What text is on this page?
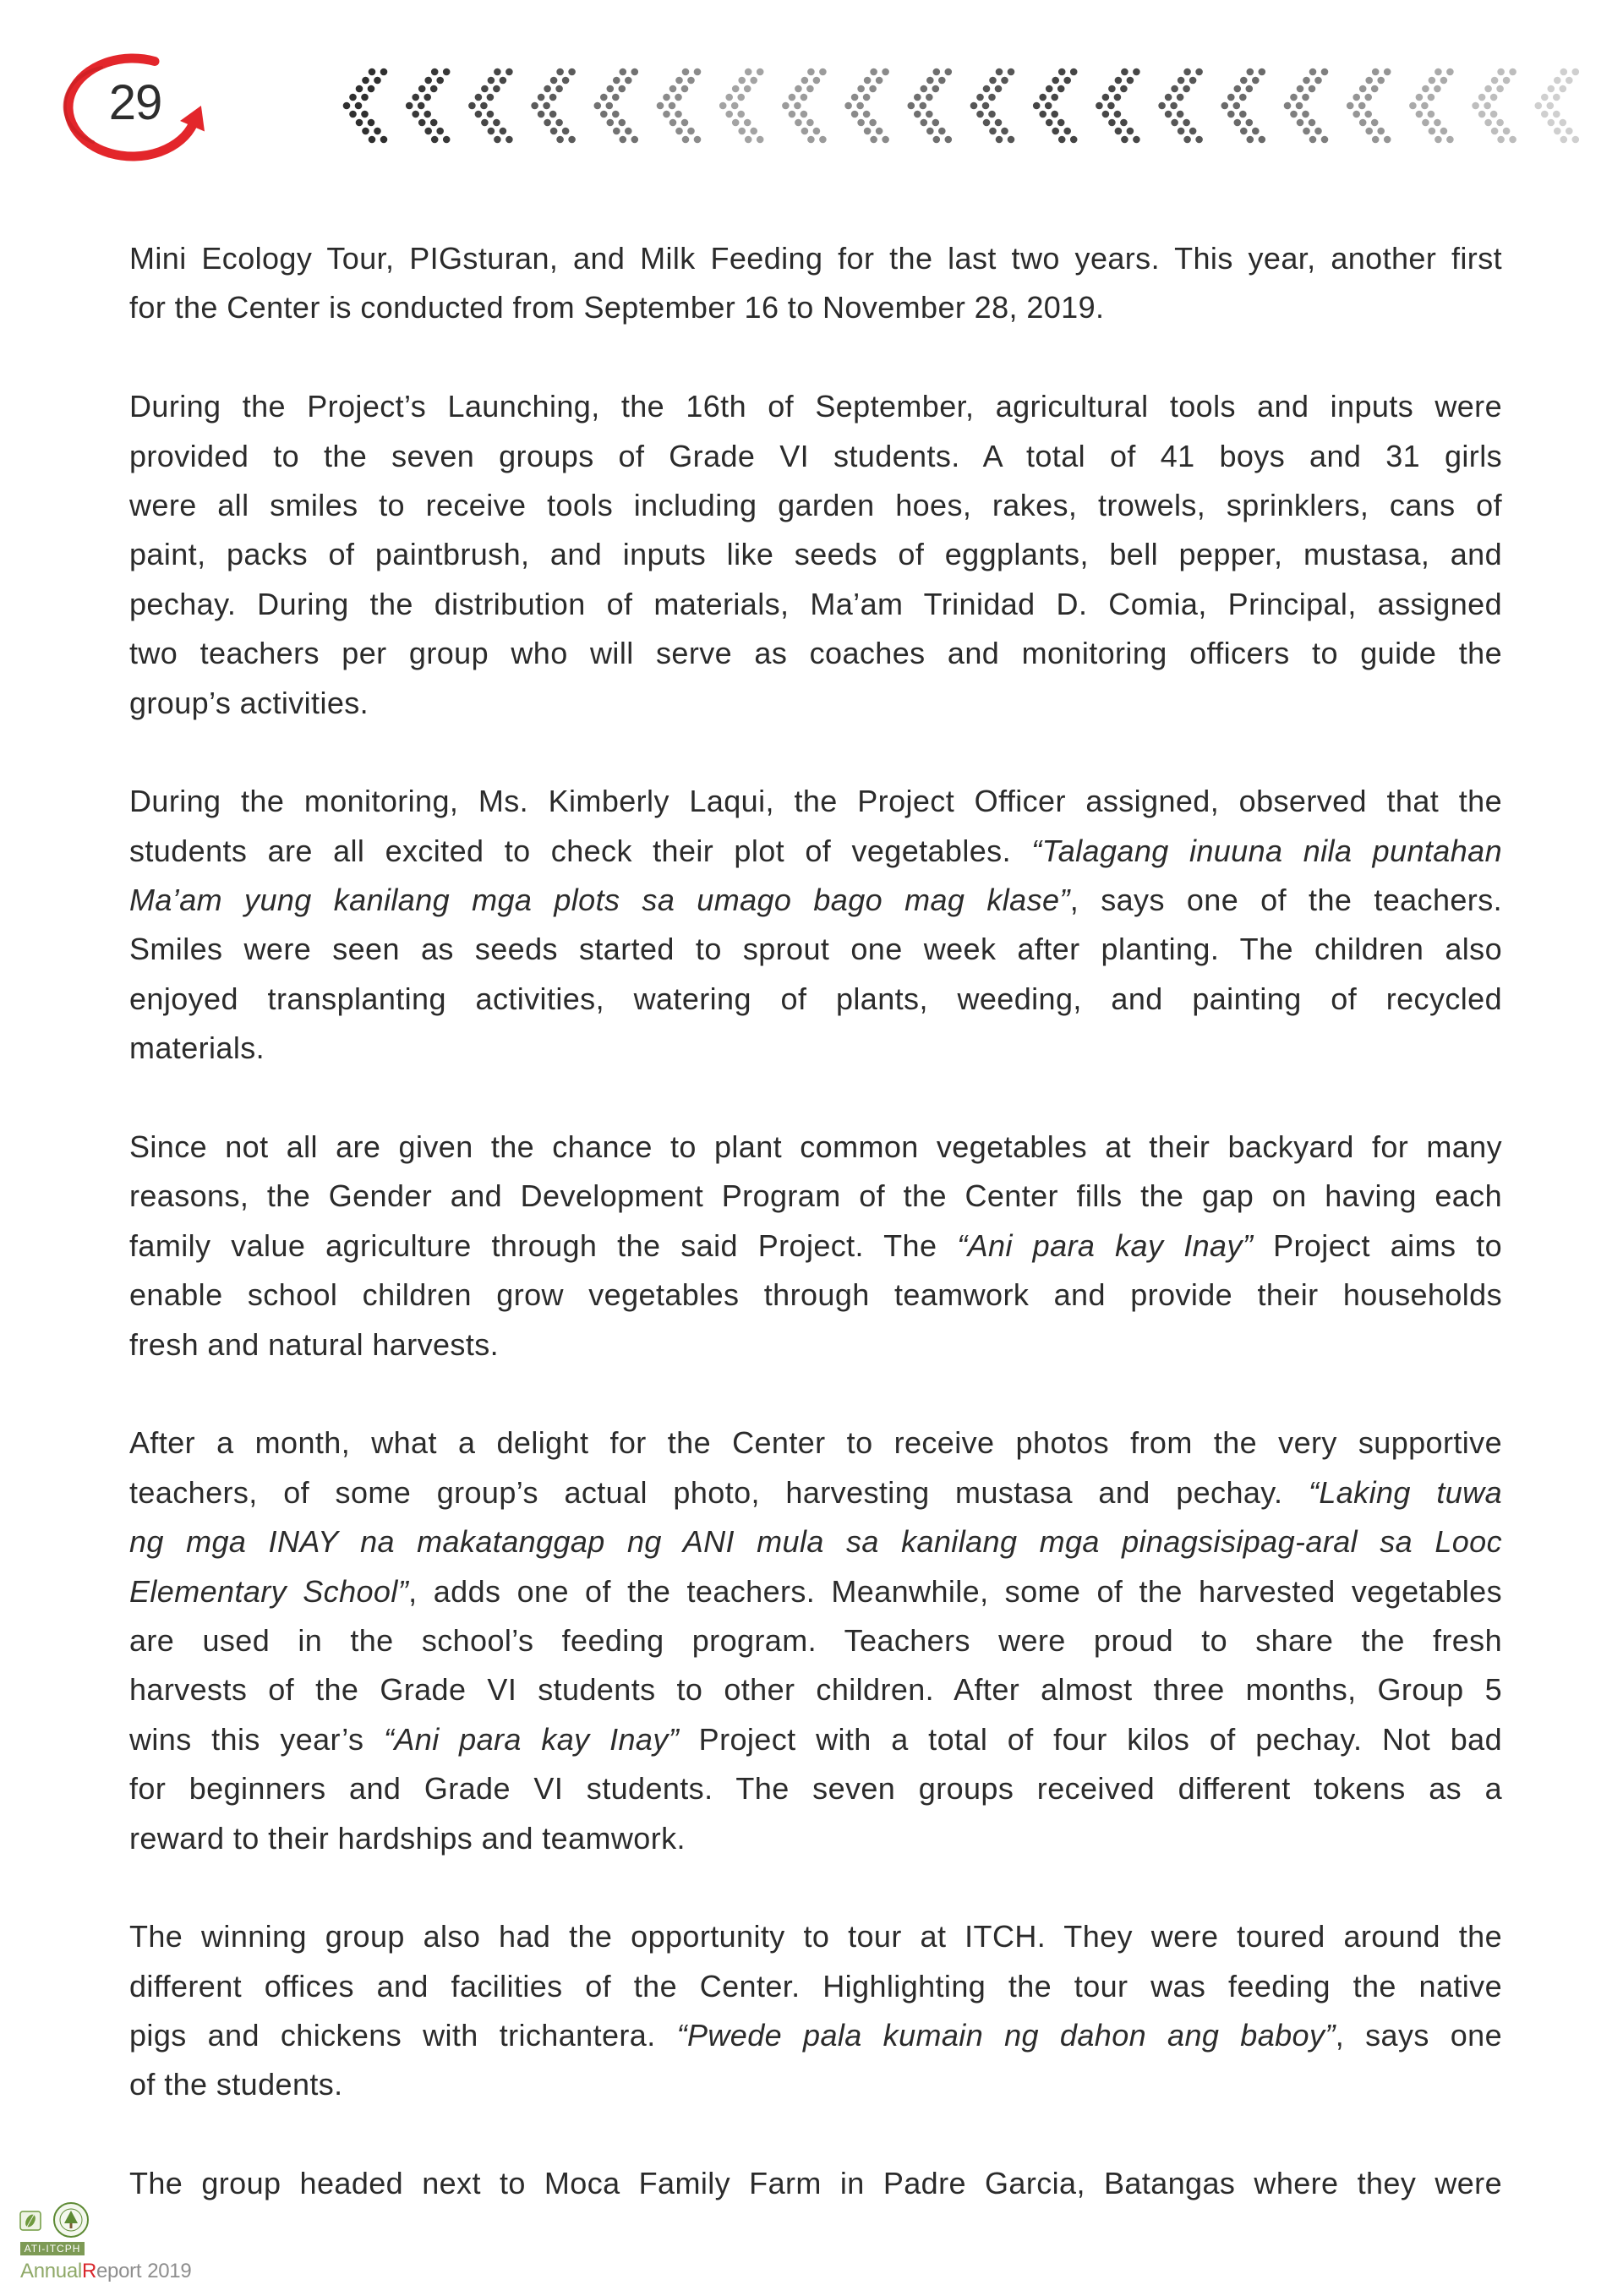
29
Mini Ecology Tour, PIGsturan, and Milk Feeding for the last two years. This year, another first
for the Center is conducted from September 16 to November 28, 2019.
During the Project’s Launching, the 16th of September, agricultural tools and inputs were
provided to the seven groups of Grade VI students. A total of 41 boys and 31 girls
were all smiles to receive tools including garden hoes, rakes, trowels, sprinklers, cans of
paint, packs of paintbrush, and inputs like seeds of eggplants, bell pepper, mustasa, and
pechay. During the distribution of materials, Ma’am Trinidad D. Comia, Principal, assigned
two teachers per group who will serve as coaches and monitoring officers to guide the
group’s activities.
During the monitoring, Ms. Kimberly Laqui, the Project Officer assigned, observed that the
students are all excited to check their plot of vegetables. “Talagang inuuna nila puntahan
Ma’am yung kanilang mga plots sa umago bago mag klase”, says one of the teachers.
Smiles were seen as seeds started to sprout one week after planting. The children also
enjoyed transplanting activities, watering of plants, weeding, and painting of recycled
materials.
Since not all are given the chance to plant common vegetables at their backyard for many
reasons, the Gender and Development Program of the Center fills the gap on having each
family value agriculture through the said Project. The “Ani para kay Inay” Project aims to
enable school children grow vegetables through teamwork and provide their households
fresh and natural harvests.
After a month, what a delight for the Center to receive photos from the very supportive
teachers, of some group’s actual photo, harvesting mustasa and pechay. “Laking tuwa
ng mga INAY na makatanggap ng ANI mula sa kanilang mga pinagsisipag-aral sa Looc
Elementary School”, adds one of the teachers. Meanwhile, some of the harvested vegetables
are used in the school’s feeding program. Teachers were proud to share the fresh
harvests of the Grade VI students to other children. After almost three months, Group 5
wins this year’s “Ani para kay Inay” Project with a total of four kilos of pechay. Not bad
for beginners and Grade VI students. The seven groups received different tokens as a
reward to their hardships and teamwork.
The winning group also had the opportunity to tour at ITCH. They were toured around the
different offices and facilities of the Center. Highlighting the tour was feeding the native
pigs and chickens with trichantera. “Pwede pala kumain ng dahon ang baboy”, says one
of the students.
The group headed next to Moca Family Farm in Padre Garcia, Batangas where they were
ATI-ITCPH
AnnualReport 2019
